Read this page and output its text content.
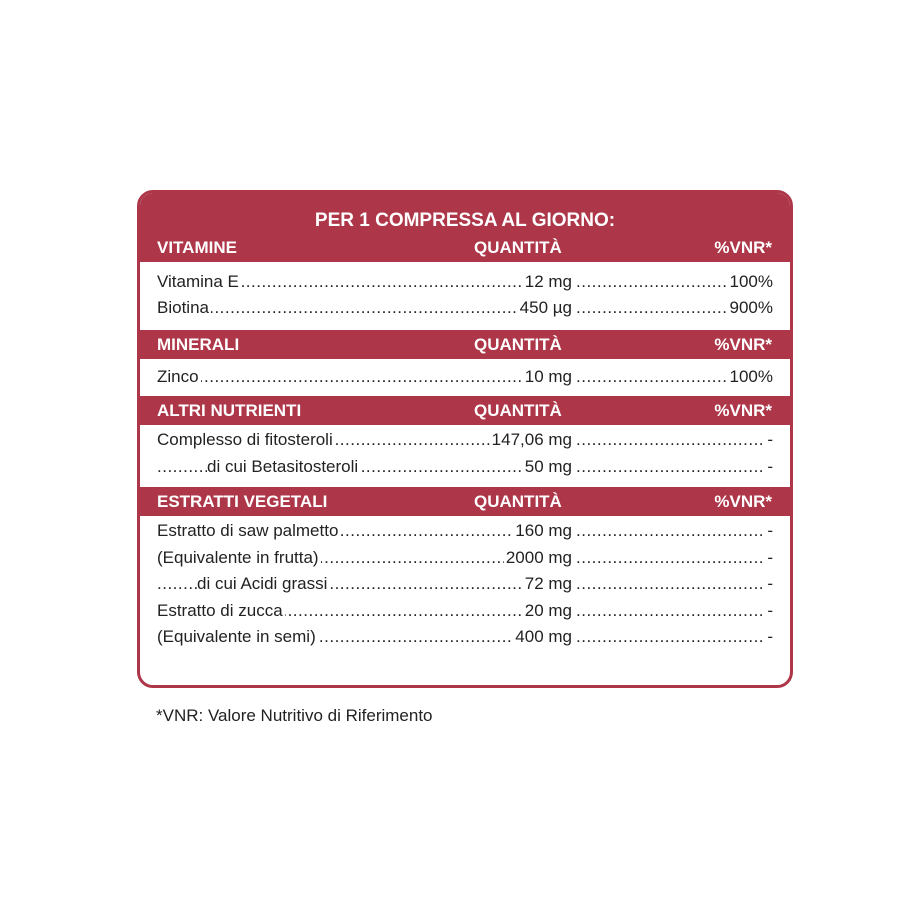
PER 1 COMPRESSA AL GIORNO:
VITAMINE	QUANTITÀ	%VNR*
.....
.....
Vitamina E	12 mg	100%
.....
.....
Biotina	450 µg	900%
MINERALI	QUANTITÀ	%VNR*
.....
.....
Zinco	10 mg	100%
ALTRI NUTRIENTI	QUANTITÀ	%VNR*
.....
.....
Complesso di fitosteroli	147,06 mg	-
.....
.....
di cui Betasitosteroli	50 mg	-
ESTRATTI VEGETALI	QUANTITÀ	%VNR*
.....
.....
Estratto di saw palmetto	160 mg	-
.....
.....
(Equivalente in frutta)	2000 mg	-
.....
.....
di cui Acidi grassi	72 mg	-
.....
.....
Estratto di zucca	20 mg	-
.....
.....
(Equivalente in semi)	400 mg	-
*VNR: Valore Nutritivo di Riferimento
